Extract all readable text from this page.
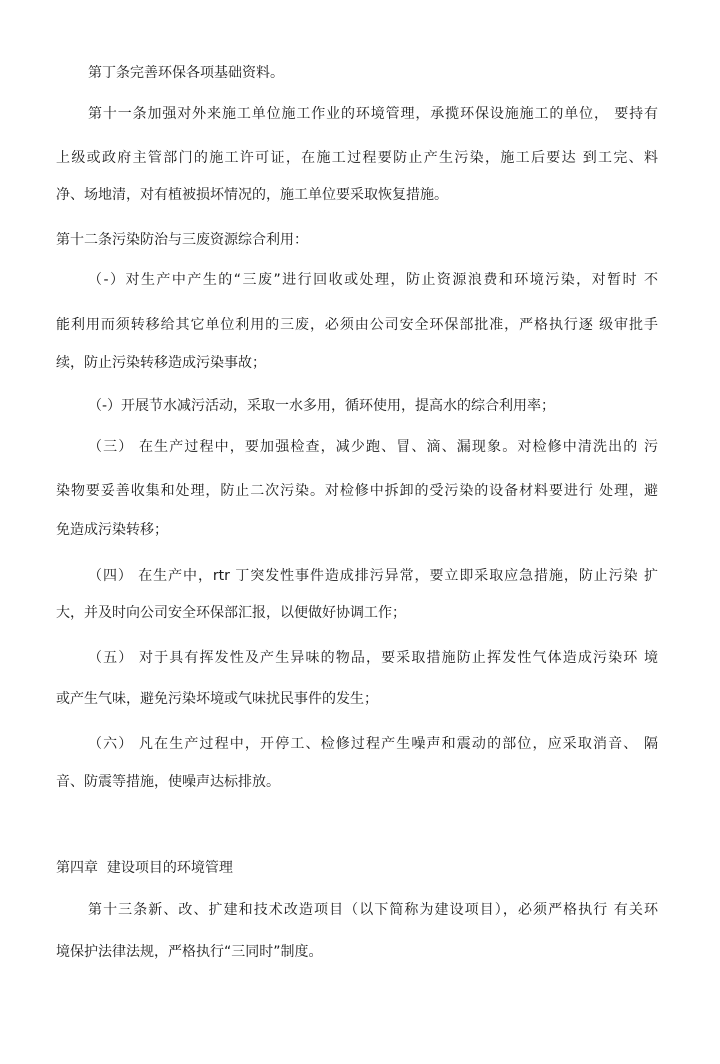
第丁条完善环保各项基础资料。
第十一条加强对外来施工单位施工作业的环境管理，承揽环保设施施工的单位， 要持有
上级或政府主管部门的施工许可证，在施工过程要防止产生污染，施工后要达 到工完、料
净、场地清，对有植被损坏情况的，施工单位要采取恢复措施。
第十二条污染防治与三废资源综合利用：
（-）对生产中产生的“三废”进行回收或处理，防止资源浪费和环境污染，对暂时 不
能利用而须转移给其它单位利用的三废，必须由公司安全环保部批准，严格执行逐 级审批手
续，防止污染转移造成污染事故；
（-）开展节水减污活动，采取一水多用，循环使用，提高水的综合利用率；
（三） 在生产过程中，要加强检查，减少跑、冒、滴、漏现象。对检修中清洗出的 污
染物要妥善收集和处理，防止二次污染。对检修中拆卸的受污染的设备材料要进行 处理，避
免造成污染转移；
（四） 在生产中，rtr 丁突发性事件造成排污异常，要立即采取应急措施，防止污染 扩
大，并及时向公司安全环保部汇报，以便做好协调工作；
（五） 对于具有挥发性及产生异味的物品，要采取措施防止挥发性气体造成污染环 境
或产生气味，避免污染坏境或气味扰民事件的发生；
（六） 凡在生产过程中，开停工、检修过程产生噪声和震动的部位，应采取消音、 隔
音、防震等措施，使噪声达标排放。
第四章  建设项目的环境管理
第十三条新、改、扩建和技术改造项目（以下简称为建设项目），必须严格执行 有关环
境保护法律法规，严格执行“三同时”制度。
